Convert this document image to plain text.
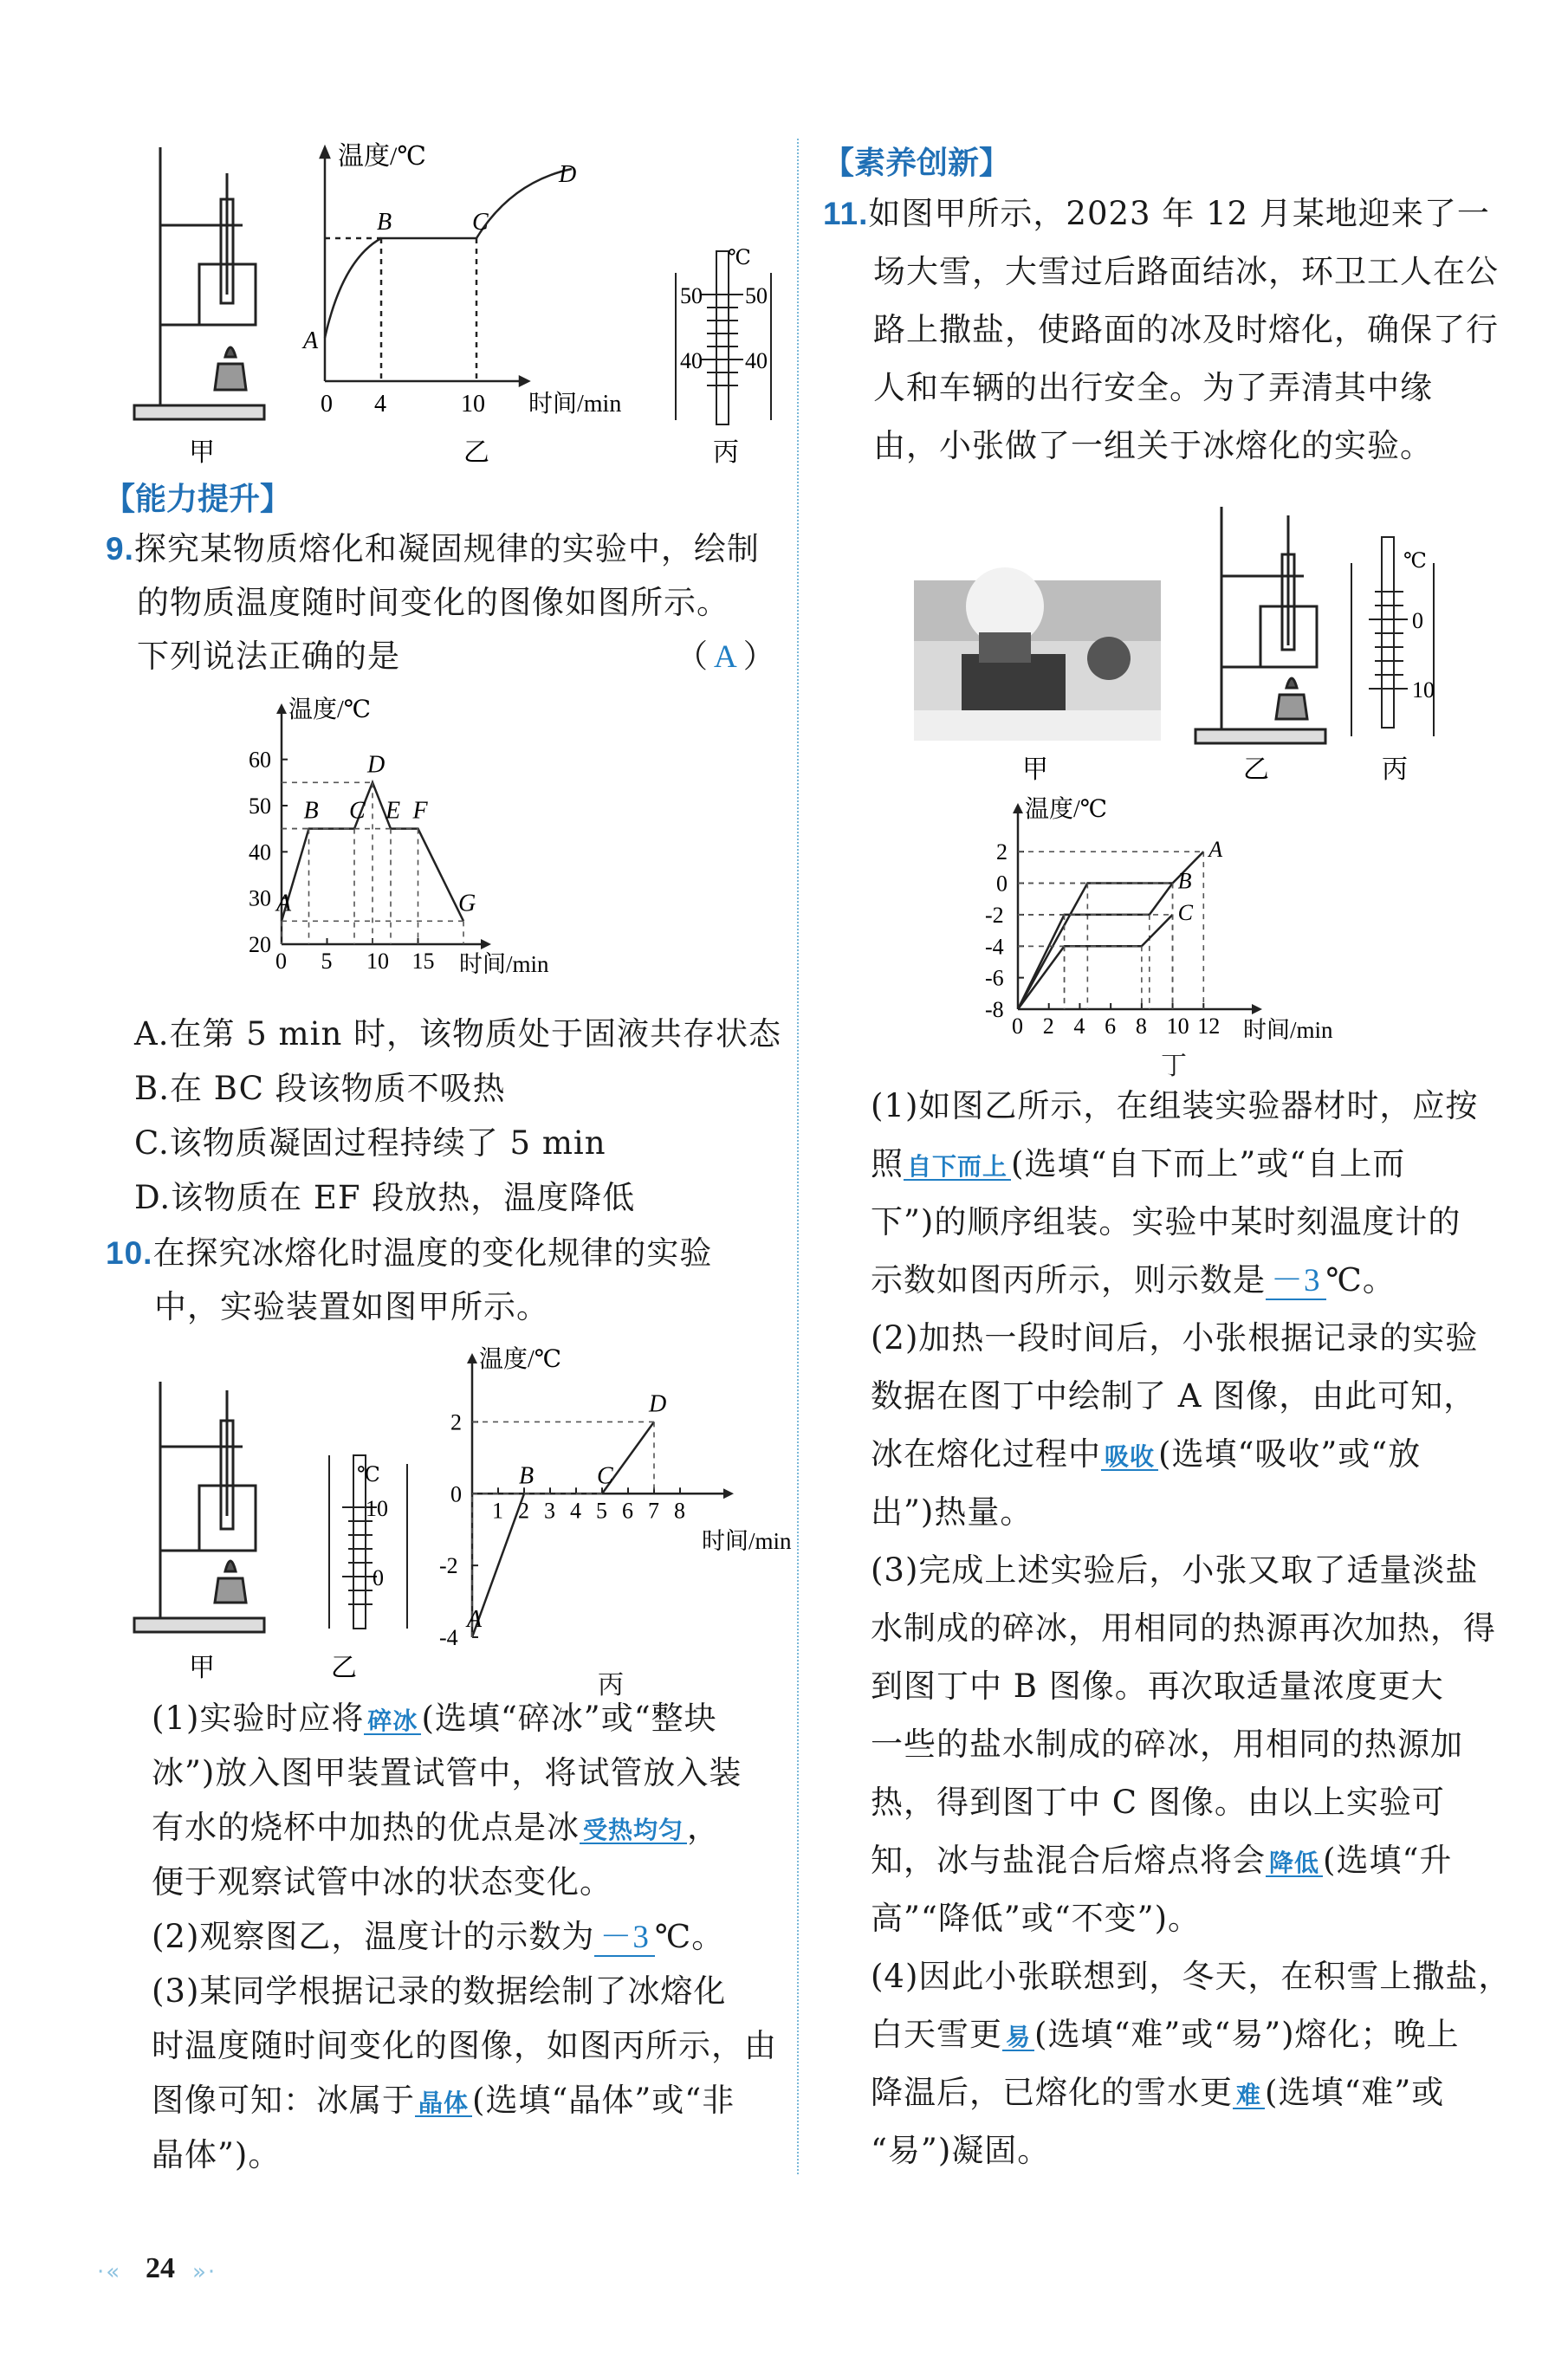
温度/℃
时间/min
A
B	C
D
0 4	10
℃
50 50
40 40
甲	乙	丙
【能力提升】
9.探究某物质熔化和凝固规律的实验中，绘制
的物质温度随时间变化的图像如图所示。
下列说法正确的是	（ A ）
温度/℃
时间/min
0 5 10 15
20
30
40
50
60
A
B C
D
E F
G
A.在第 5 min 时，该物质处于固液共存状态
B.在 BC 段该物质不吸热
C.该物质凝固过程持续了 5 min
D.该物质在 EF 段放热，温度降低
10.在探究冰熔化时温度的变化规律的实验
中，实验装置如图甲所示。
℃
10
0
甲	乙
温度/℃
时间/min
1 2 3 4 5 6 7 8
-4
-2
0
2
A
B	C
D
丙
(1)实验时应将 碎冰 (选填“碎冰”或“整块
冰”)放入图甲装置试管中，将试管放入装
有水的烧杯中加热的优点是冰 受热均匀 ，
便于观察试管中冰的状态变化。
(2)观察图乙，温度计的示数为 －3 ℃。
(3)某同学根据记录的数据绘制了冰熔化
时温度随时间变化的图像，如图丙所示，由
图像可知：冰属于 晶体 (选填“晶体”或“非
晶体”)。
【素养创新】
11.如图甲所示，2023 年 12 月某地迎来了一
场大雪，大雪过后路面结冰，环卫工人在公
路上撒盐，使路面的冰及时熔化，确保了行
人和车辆的出行安全。为了弄清其中缘
由，小张做了一组关于冰熔化的实验。
℃
0
10
甲	乙	丙
温度/℃
时间/min
0 2 4 6 8 10 12
-8
-6
-4
-2
0
2	A
B
C
丁
(1)如图乙所示，在组装实验器材时，应按
照 自下而上 (选填“自下而上”或“自上而
下”)的顺序组装。实验中某时刻温度计的
示数如图丙所示，则示数是 －3 ℃。
(2)加热一段时间后，小张根据记录的实验
数据在图丁中绘制了 A 图像，由此可知，
冰在熔化过程中 吸收 (选填“吸收”或“放
出”)热量。
(3)完成上述实验后，小张又取了适量淡盐
水制成的碎冰，用相同的热源再次加热，得
到图丁中 B 图像。再次取适量浓度更大
一些的盐水制成的碎冰，用相同的热源加
热，得到图丁中 C 图像。由以上实验可
知，冰与盐混合后熔点将会 降低 (选填“升
高”“降低”或“不变”)。
(4)因此小张联想到，冬天，在积雪上撒盐，
白天雪更 易 (选填“难”或“易”)熔化；晚上
降温后，已熔化的雪水更 难 (选填“难”或
“易”)凝固。
·« 24 »·
